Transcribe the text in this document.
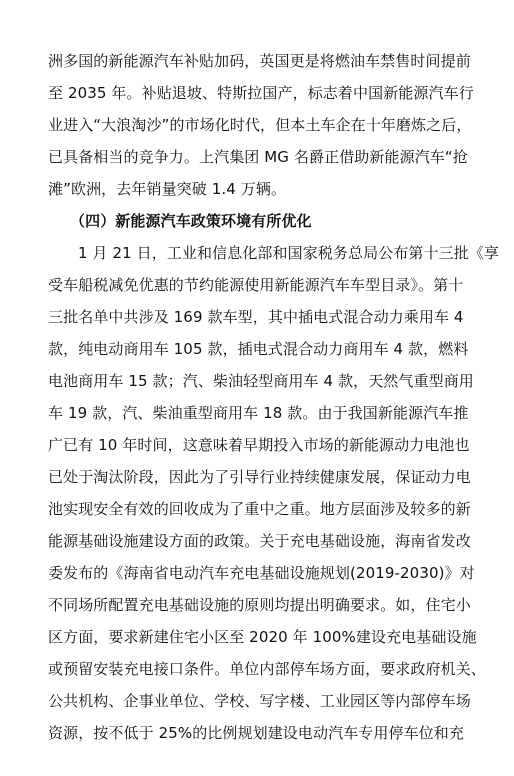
洲多国的新能源汽车补贴加码，英国更是将燃油车禁售时间提前
至 2035 年。补贴退坡、特斯拉国产，标志着中国新能源汽车行
业进入“大浪淘沙”的市场化时代，但本土车企在十年磨炼之后，
已具备相当的竞争力。上汽集团 MG 名爵正借助新能源汽车“抢
滩”欧洲，去年销量突破 1.4 万辆。
（四）新能源汽车政策环境有所优化
1 月 21 日，工业和信息化部和国家税务总局公布第十三批《享
受车船税减免优惠的节约能源使用新能源汽车车型目录》。第十
三批名单中共涉及 169 款车型，其中插电式混合动力乘用车 4
款，纯电动商用车 105 款，插电式混合动力商用车 4 款，燃料
电池商用车 15 款；汽、柴油轻型商用车 4 款，天然气重型商用
车 19 款，汽、柴油重型商用车 18 款。由于我国新能源汽车推
广已有 10 年时间，这意味着早期投入市场的新能源动力电池也
已处于淘汰阶段，因此为了引导行业持续健康发展，保证动力电
池实现安全有效的回收成为了重中之重。地方层面涉及较多的新
能源基础设施建设方面的政策。关于充电基础设施，海南省发改
委发布的《海南省电动汽车充电基础设施规划(2019-2030)》对
不同场所配置充电基础设施的原则均提出明确要求。如，住宅小
区方面，要求新建住宅小区至 2020 年 100%建设充电基础设施
或预留安装充电接口条件。单位内部停车场方面，要求政府机关、
公共机构、企事业单位、学校、写字楼、工业园区等内部停车场
资源，按不低于 25%的比例规划建设电动汽车专用停车位和充
